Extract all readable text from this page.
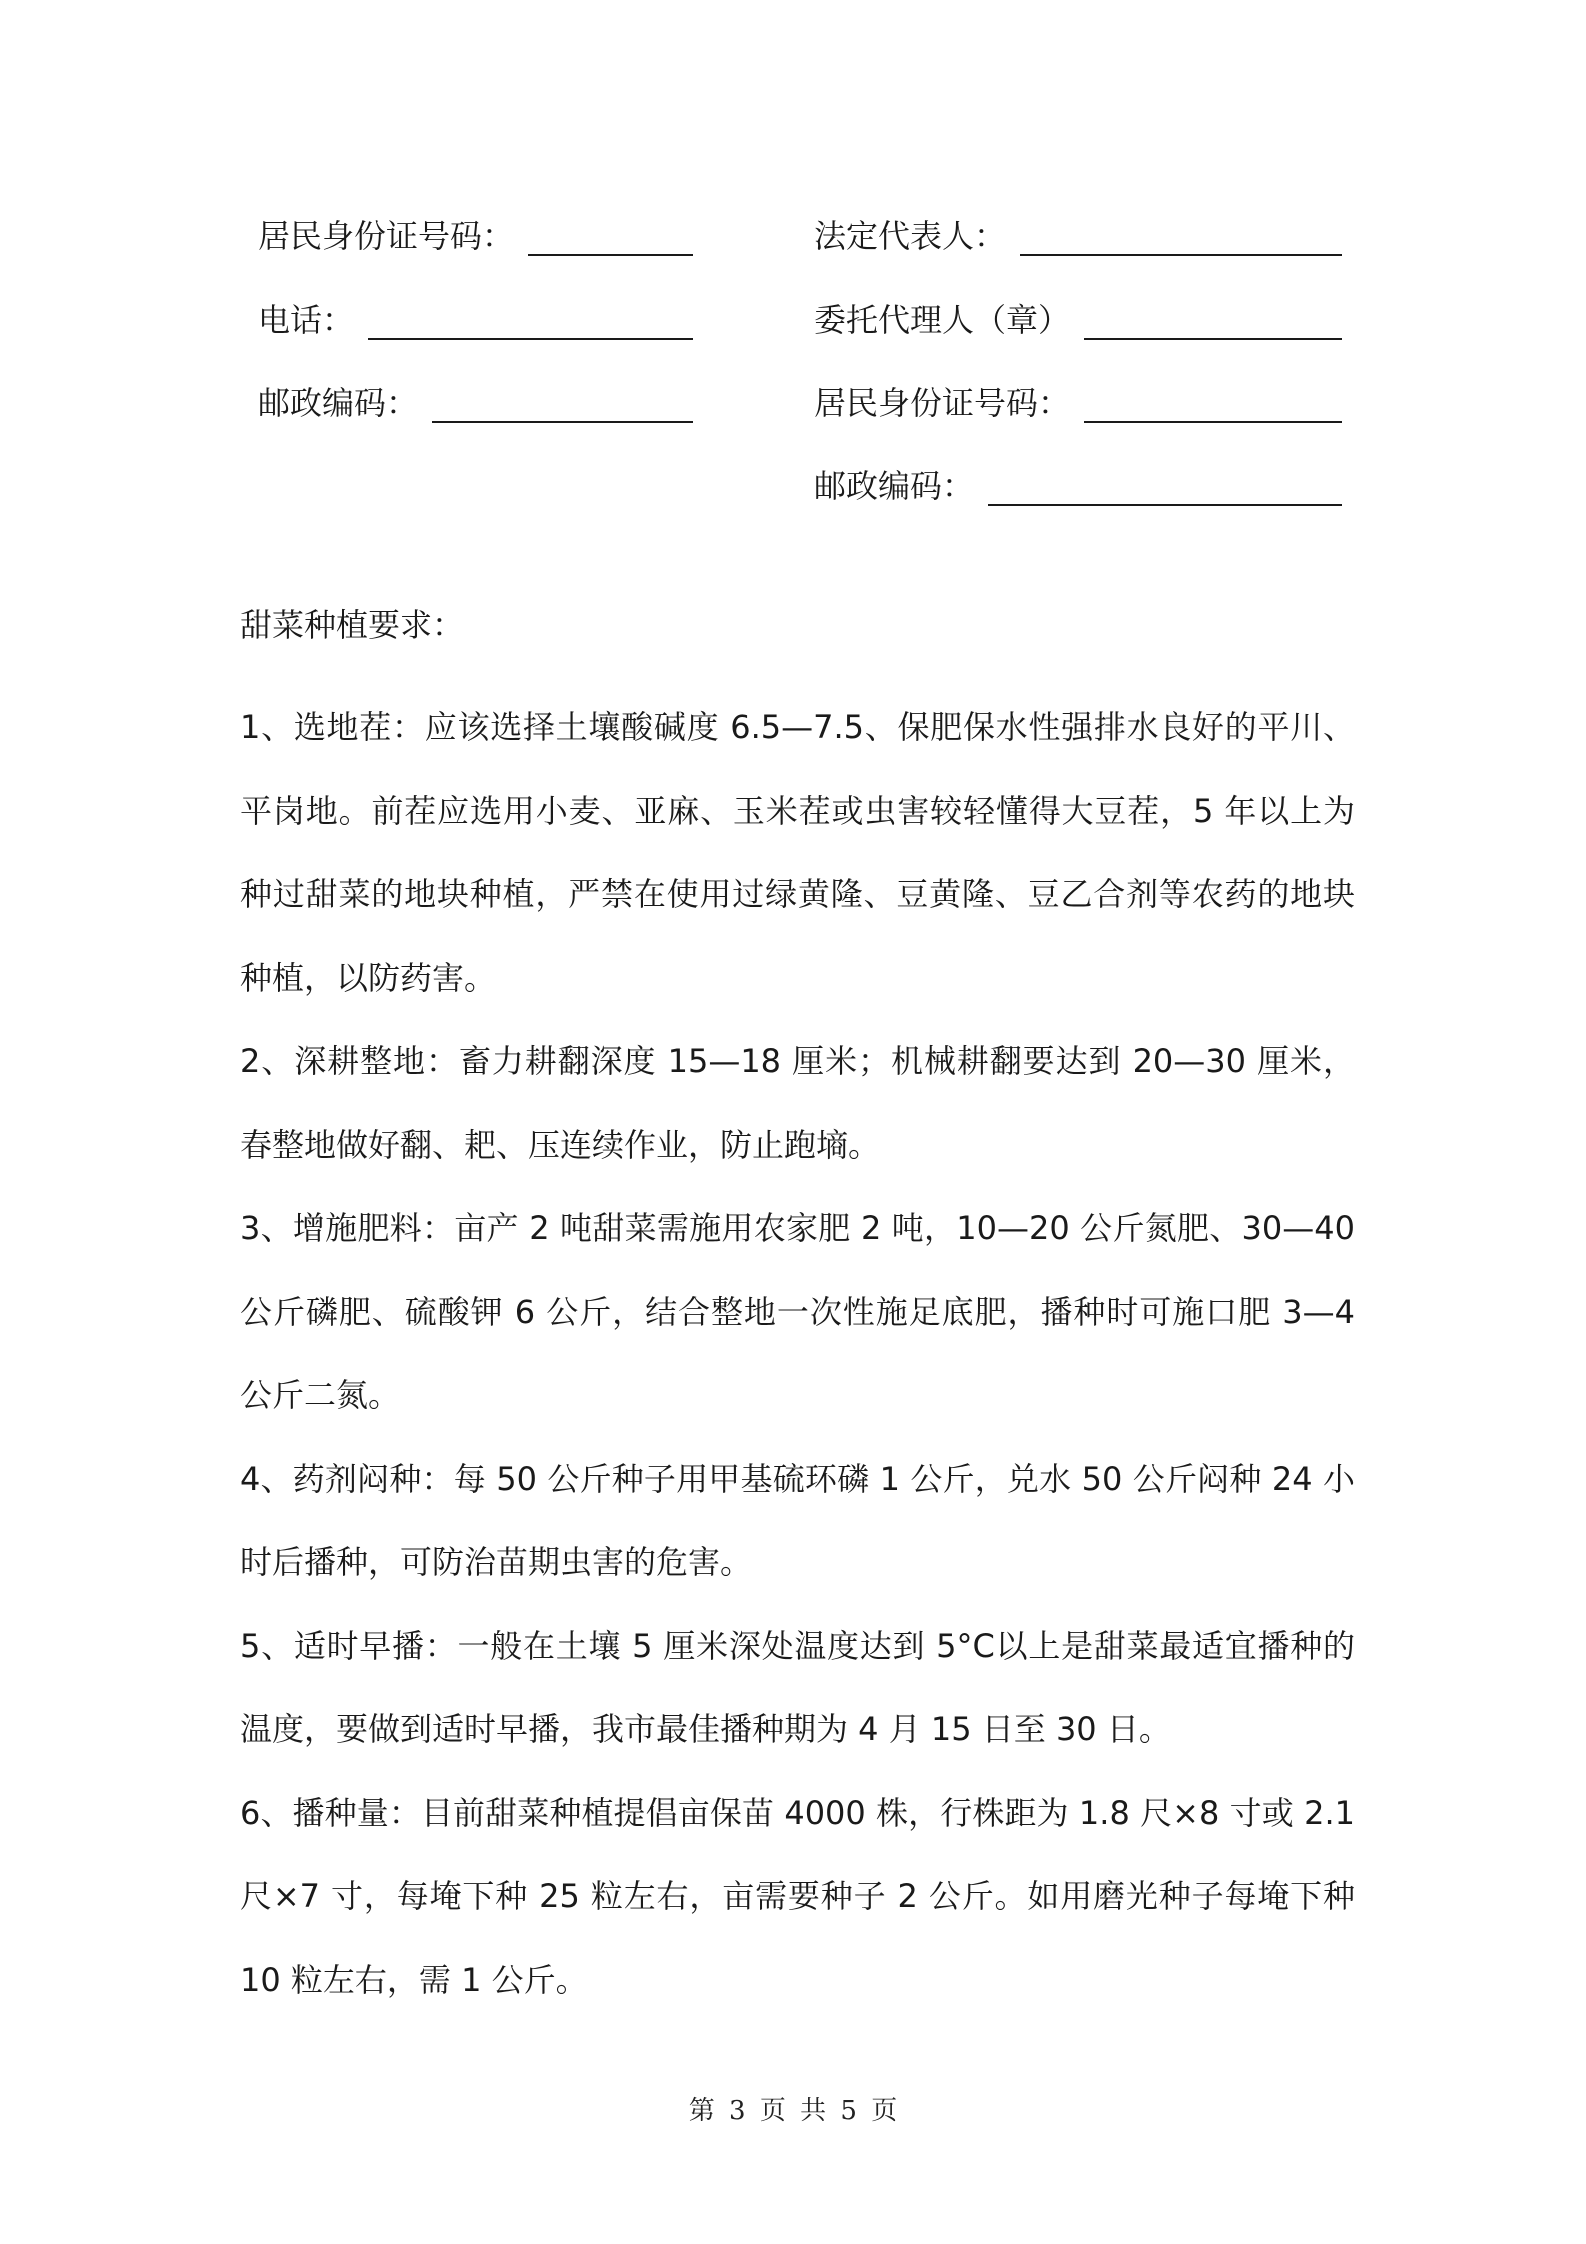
居民身份证号码：
电话：
邮政编码：
法定代表人：
委托代理人（章）
居民身份证号码：
邮政编码：
甜菜种植要求：

1、选地茬：应该选择土壤酸碱度 6.5—7.5、保肥保水性强排水良好的平川、平岗地。前茬应选用小麦、亚麻、玉米茬或虫害较轻懂得大豆茬，5 年以上为种过甜菜的地块种植，严禁在使用过绿黄隆、豆黄隆、豆乙合剂等农药的地块种植，以防药害。

2、深耕整地：畜力耕翻深度 15—18 厘米；机械耕翻要达到 20—30 厘米，春整地做好翻、耙、压连续作业，防止跑墒。

3、增施肥料：亩产 2 吨甜菜需施用农家肥 2 吨，10—20 公斤氮肥、30—40 公斤磷肥、硫酸钾 6 公斤，结合整地一次性施足底肥，播种时可施口肥 3—4 公斤二氮。

4、药剂闷种：每 50 公斤种子用甲基硫环磷 1 公斤，兑水 50 公斤闷种 24 小时后播种，可防治苗期虫害的危害。

5、适时早播：一般在土壤 5 厘米深处温度达到 5°C以上是甜菜最适宜播种的温度，要做到适时早播，我市最佳播种期为 4 月 15 日至 30 日。

6、播种量：目前甜菜种植提倡亩保苗 4000 株，行株距为 1.8 尺×8 寸或 2.1 尺×7 寸，每埯下种 25 粒左右，亩需要种子 2 公斤。如用磨光种子每埯下种 10 粒左右，需 1 公斤。

第 3 页 共 5 页
